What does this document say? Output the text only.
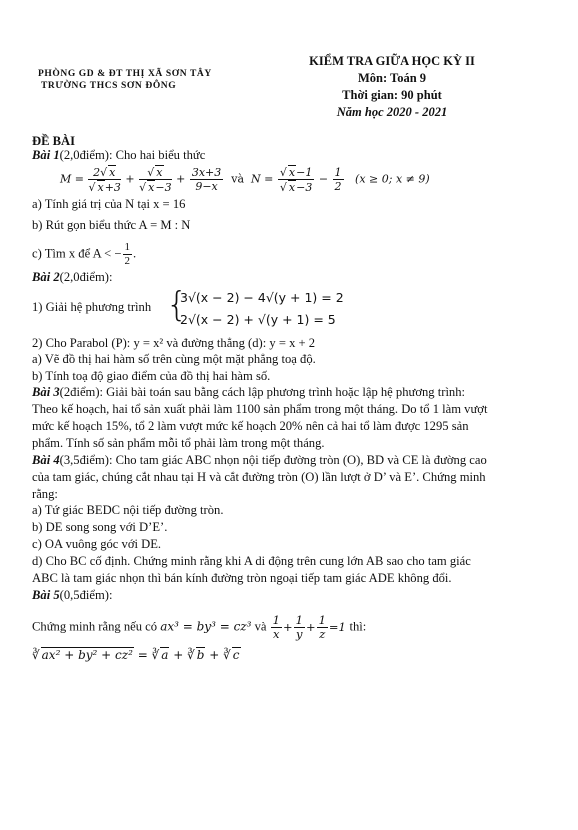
PHÒNG GD & ĐT THỊ XÃ SƠN TÂY
TRƯỜNG THCS SƠN ĐÔNG
KIỂM TRA GIỮA HỌC KỲ II
Môn: Toán 9
Thời gian: 90 phút
Năm học 2020 - 2021
ĐỀ BÀI
Bài 1(2,0điểm): Cho hai biểu thức
$M = \frac{2√ x}{√ x+3} + \frac{√ x}{√ x-3} + \frac{3x+3}{9-x}$ và $N = \frac{√ x-1}{√ x-3} - \frac{1}{2} (x \ge 0$; x ≠ 9)
a) Tính giá trị của N tại x = 16
b) Rút gọn biểu thức A = M : N
c) Tìm x để A < − $\frac{1}{2}$ .
Bài 2(2,0điểm):
1) Giải hệ phương trình {
3√(x − 2) − 4√(y + 1) = 2
2√(x − 2) + √(y + 1) = 5
2) Cho Parabol (P): y = x² và đường thẳng (d): y = x + 2
a) Vẽ đồ thị hai hàm số trên cùng một mặt phẳng toạ độ.
b) Tính toạ độ giao điểm của đồ thị hai hàm số.
Bài 3(2điểm): Giải bài toán sau bằng cách lập phương trình hoặc lập hệ phương trình:
Theo kế hoạch, hai tổ sản xuất phải làm 1100 sản phẩm trong một tháng. Do tổ 1 làm vượt
mức kế hoạch 15%, tổ 2 làm vượt mức kế hoạch 20% nên cả hai tổ làm được 1295 sản
phẩm. Tính số sản phẩm mỗi tổ phải làm trong một tháng.
Bài 4(3,5điểm): Cho tam giác ABC nhọn nội tiếp đường tròn (O), BD và CE là đường cao
của tam giác, chúng cắt nhau tại H và cắt đường tròn (O) lần lượt ở D’ và E’. Chứng minh
rằng:
a) Tứ giác BEDC nội tiếp đường tròn.
b) DE song song với D’E’.
c) OA vuông góc với DE.
d) Cho BC cố định. Chứng minh rằng khi A di động trên cung lớn AB sao cho tam giác
ABC là tam giác nhọn thì bán kính đường tròn ngoại tiếp tam giác ADE không đổi.
Bài 5(0,5điểm):
Chứng minh rằng nếu có ax³ = by³ = cz³ và $\frac{1}{x} + \frac{1}{y} + \frac{1}{z} =1$ thì:
∛ ax² + by² + cz² = ∛ a + ∛ b + ∛ c
